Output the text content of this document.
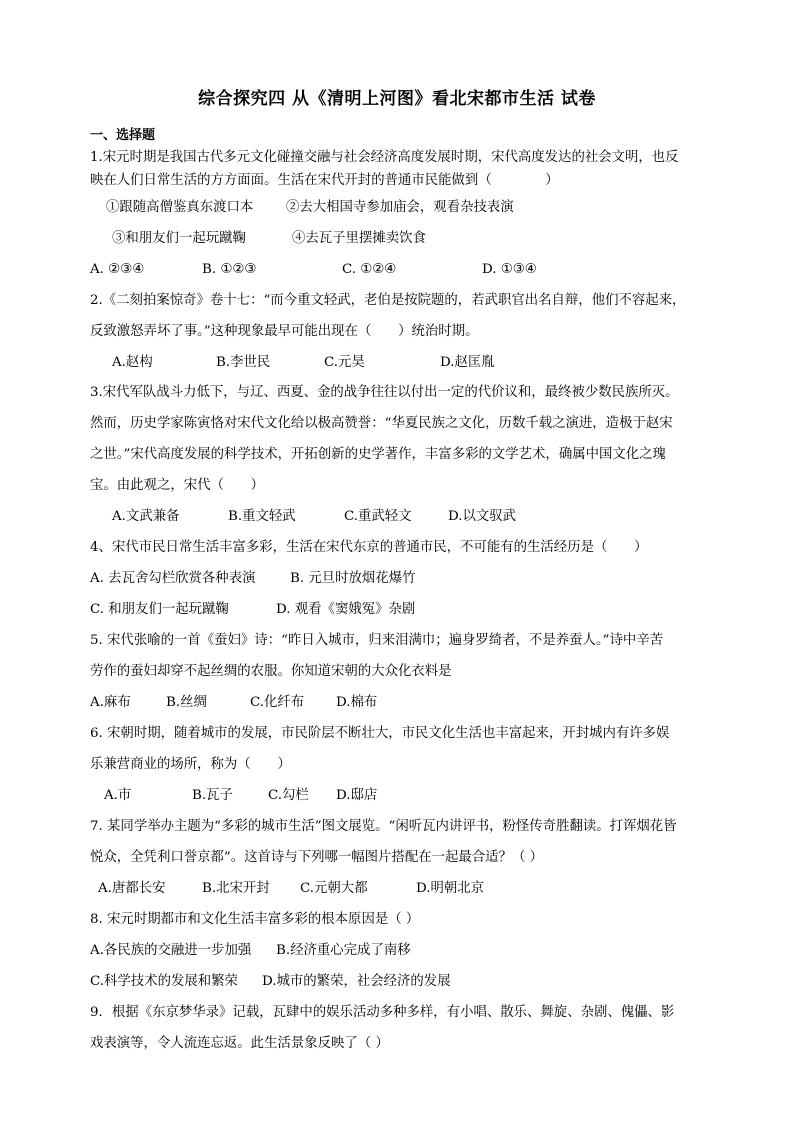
综合探究四 从《清明上河图》看北宋都市生活 试卷
一、选择题
1.宋元时期是我国古代多元文化碰撞交融与社会经济高度发展时期，宋代高度发达的社会文明，也反
映在人们日常生活的方方面面。生活在宋代开封的普通市民能做到（　　　　）
①跟随高僧鉴真东渡口本 ②去大相国寺参加庙会，观看杂技表演
③和朋友们一起玩蹴鞠	④去瓦子里摆摊卖饮食
A. ②③④	B. ①②③	C. ①②④	D. ①③④
2.《二刻拍案惊奇》卷十七：“而今重文轻武，老伯是按院题的，若武职官出名自辩，他们不容起来，
反致激怒弄坏了事。”这种现象最早可能出现在（　　）统治时期。
A.赵构	B.李世民	C.元昊	D.赵匡胤
3.宋代军队战斗力低下，与辽、西夏、金的战争往往以付出一定的代价议和，最终被少数民族所灭。
然而，历史学家陈寅恪对宋代文化给以极高赞誉：“华夏民族之文化，历数千载之演进，造极于赵宋
之世。”宋代高度发展的科学技术，开拓创新的史学著作，丰富多彩的文学艺术，确属中国文化之瑰
宝。由此观之，宋代（　　）
A.文武兼备	B.重文轻武	C.重武轻文	D.以文驭武
4、宋代市民日常生活丰富多彩，生活在宋代东京的普通市民，不可能有的生活经历是（　　）
A. 去瓦舍勾栏欣赏各种表演	B. 元旦时放烟花爆竹
C. 和朋友们一起玩蹴鞠	D. 观看《窦娥冤》杂剧
5. 宋代张喻的一首《蚕妇》诗：“昨日入城市，归来泪满巾；遍身罗绮者，不是养蚕人。”诗中辛苦
劳作的蚕妇却穿不起丝绸的农服。你知道宋朝的大众化衣料是
A.麻布	B.丝绸	C.化纤布 D.棉布
6. 宋朝时期，随着城市的发展，市民阶层不断壮大，市民文化生活也丰富起来，开封城内有许多娱
乐兼营商业的场所，称为（　　）
A.市	B.瓦子	C.勾栏 D.邸店
7. 某同学举办主题为“多彩的城市生活”图文展览。“闲听瓦内讲评书，粉怪传奇胜翻读。打诨烟花皆
悦众，全凭利口誉京都”。这首诗与下列哪一幅图片搭配在一起最合适？（ ）
A.唐都长安	B.北宋开封 C.元朝大都	D.明朝北京
8. 宋元时期都市和文化生活丰富多彩的根本原因是（ ）
A.各民族的交融进一步加强 B.经济重心完成了南移
C.科学技术的发展和繁荣 D.城市的繁荣，社会经济的发展
9．根据《东京梦华录》记载，瓦肆中的娱乐活动多种多样，有小唱、散乐、舞旋、杂剧、傀儡、影
戏表演等，令人流连忘返。此生活景象反映了（ ）
